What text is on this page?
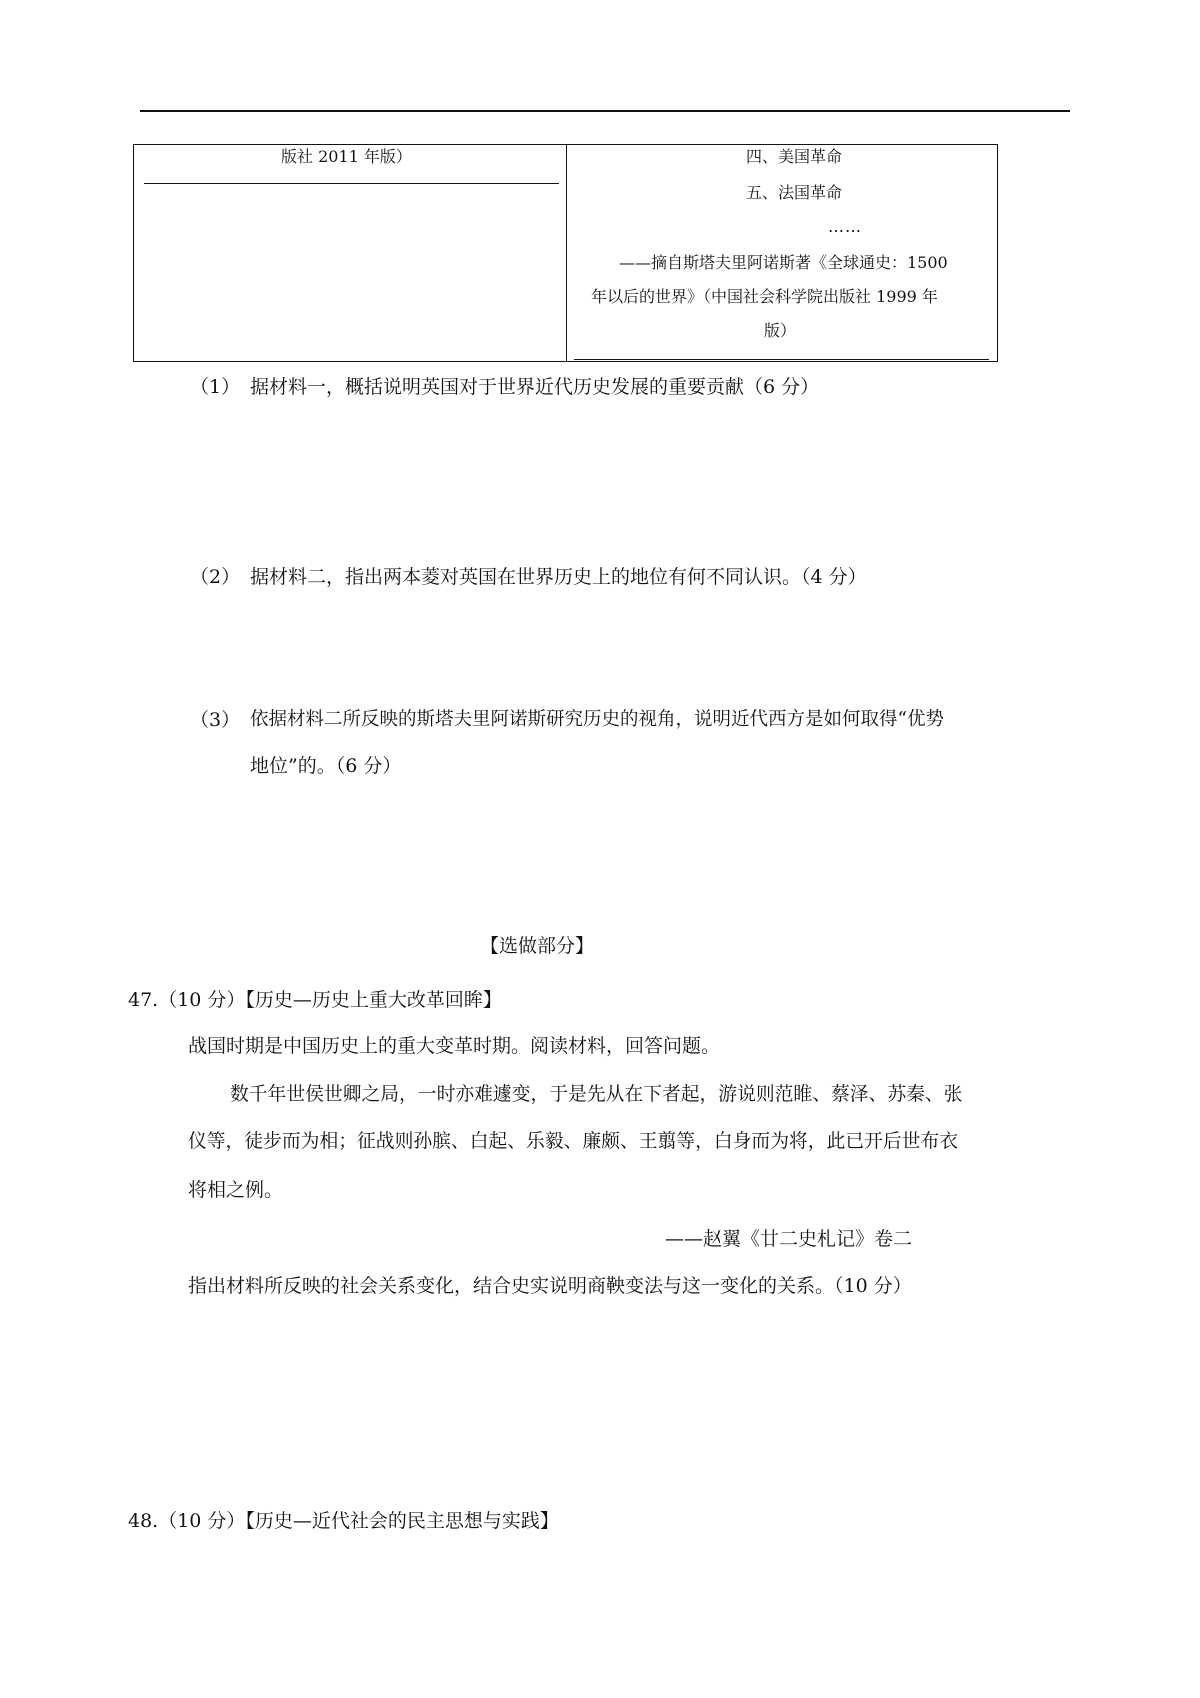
版社 2011 年版）	四、美国革命
五、法国革命
……
——摘自斯塔夫里阿诺斯著《全球通史：1500
年以后的世界》（中国社会科学院出版社 1999 年
版）
（1） 据材料一，概括说明英国对于世界近代历史发展的重要贡献（6 分）
（2） 据材料二，指出两本菱对英国在世界历史上的地位有何不同认识。（4 分）
（3） 依据材料二所反映的斯塔夫里阿诺斯研究历史的视角，说明近代西方是如何取得“优势
地位”的。（6 分）
【选做部分】
47.（10 分）【历史—历史上重大改革回眸】
战国时期是中国历史上的重大变革时期。阅读材料，回答问题。
数千年世侯世卿之局，一时亦难遽变，于是先从在下者起，游说则范睢、蔡泽、苏秦、张
仪等，徒步而为相；征战则孙膑、白起、乐毅、廉颇、王翦等，白身而为将，此已开后世布衣
将相之例。
——赵翼《廿二史札记》卷二
指出材料所反映的社会关系变化，结合史实说明商鞅变法与这一变化的关系。（10 分）
48.（10 分）【历史—近代社会的民主思想与实践】
